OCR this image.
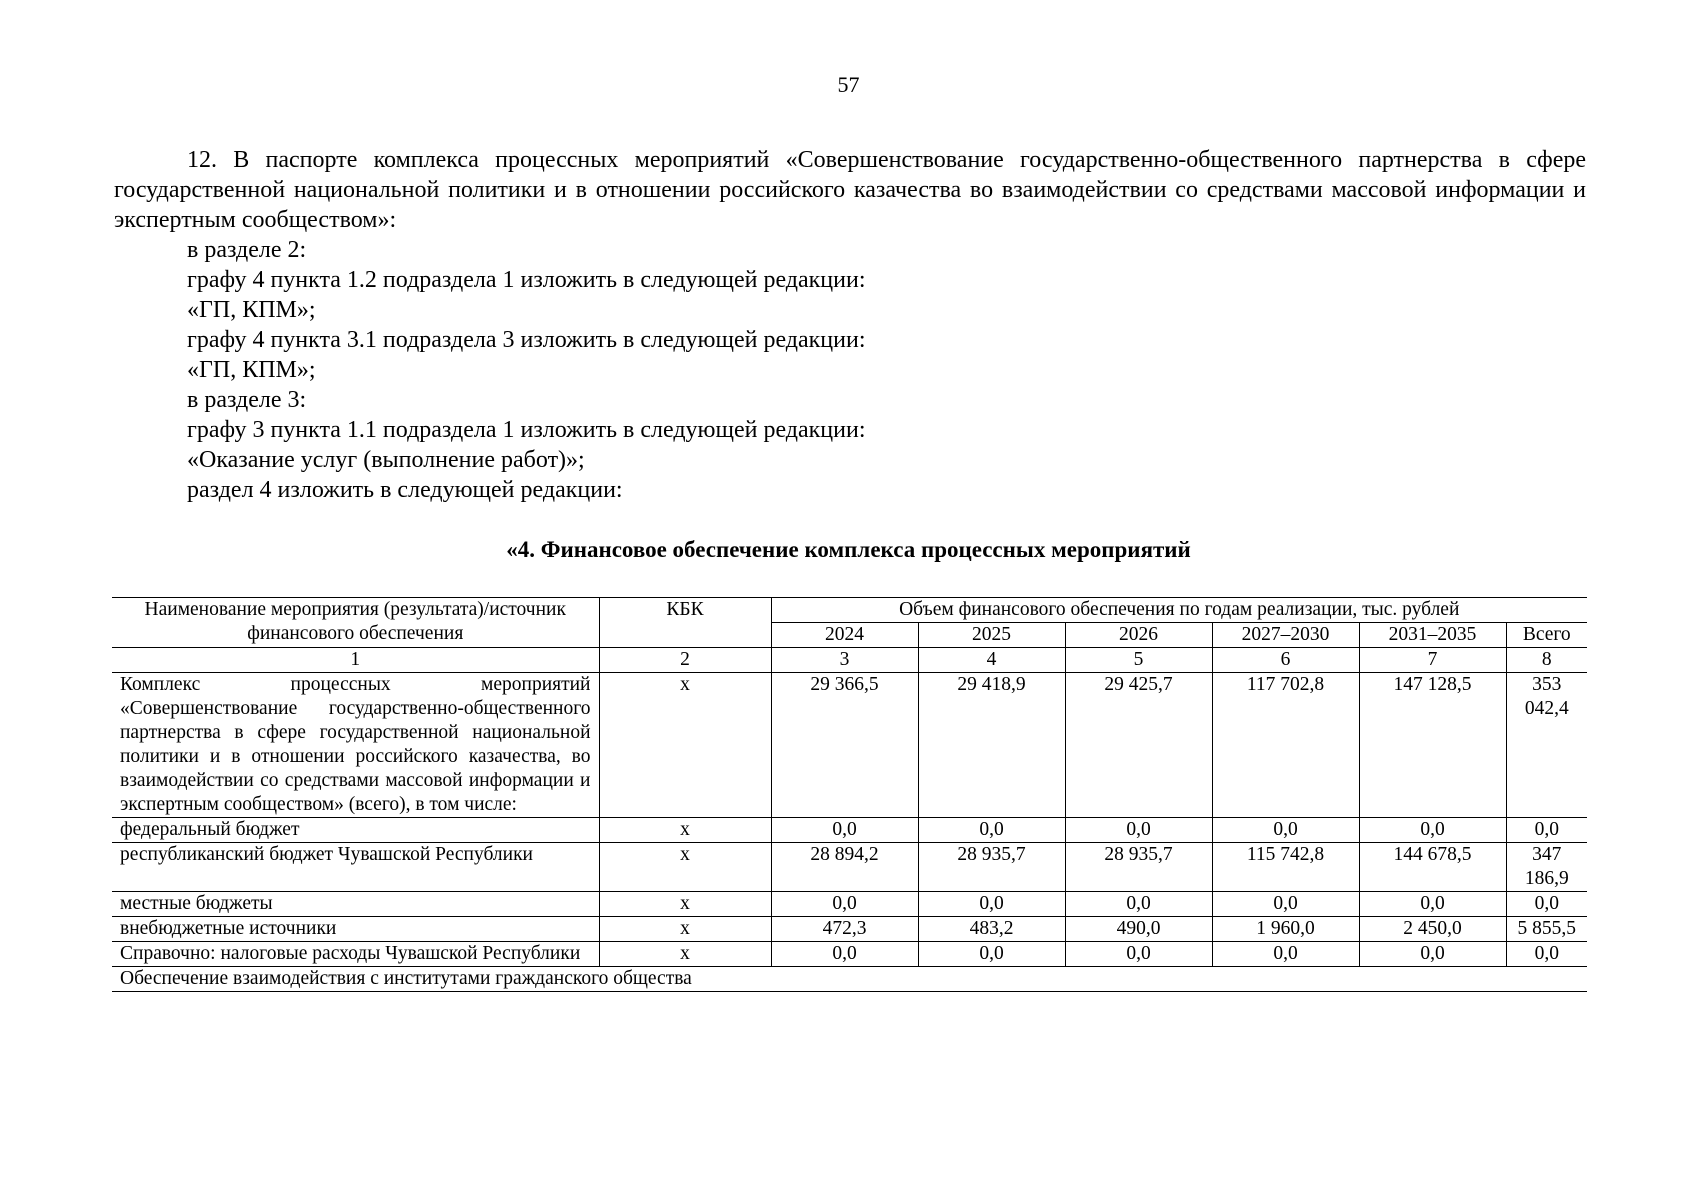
57

12. В паспорте комплекса процессных мероприятий «Совершенствование государственно-общественного партнерства в сфере государственной национальной политики и в отношении российского казачества во взаимодействии со средствами массовой информации и экспертным сообществом»:

в разделе 2:

графу 4 пункта 1.2 подраздела 1 изложить в следующей редакции:

«ГП, КПМ»;

графу 4 пункта 3.1 подраздела 3 изложить в следующей редакции:

«ГП, КПМ»;

в разделе 3:

графу 3 пункта 1.1 подраздела 1 изложить в следующей редакции:

«Оказание услуг (выполнение работ)»;

раздел 4 изложить в следующей редакции:

«4. Финансовое обеспечение комплекса процессных мероприятий
Наименование мероприятия (результата)/источник финансового обеспечения	КБК	Объем финансового обеспечения по годам реализации, тыс. рублей					
		2024	2025	2026	2027–2030	2031–2035	Всего
1	2	3	4	5	6	7	8
Комплекс процессных мероприятий «Совершенствование государственно-общественного партнерства в сфере государственной национальной политики и в отношении российского казачества, во взаимодействии со средствами массовой информации и экспертным сообществом» (всего), в том числе:	х	29 366,5	29 418,9	29 425,7	117 702,8	147 128,5	353 042,4
федеральный бюджет	х	0,0	0,0	0,0	0,0	0,0	0,0
республиканский бюджет Чувашской Республики	х	28 894,2	28 935,7	28 935,7	115 742,8	144 678,5	347 186,9
местные бюджеты	х	0,0	0,0	0,0	0,0	0,0	0,0
внебюджетные источники	х	472,3	483,2	490,0	1 960,0	2 450,0	5 855,5
Справочно: налоговые расходы Чувашской Республики	х	0,0	0,0	0,0	0,0	0,0	0,0
Обеспечение взаимодействия с институтами гражданского общества							
